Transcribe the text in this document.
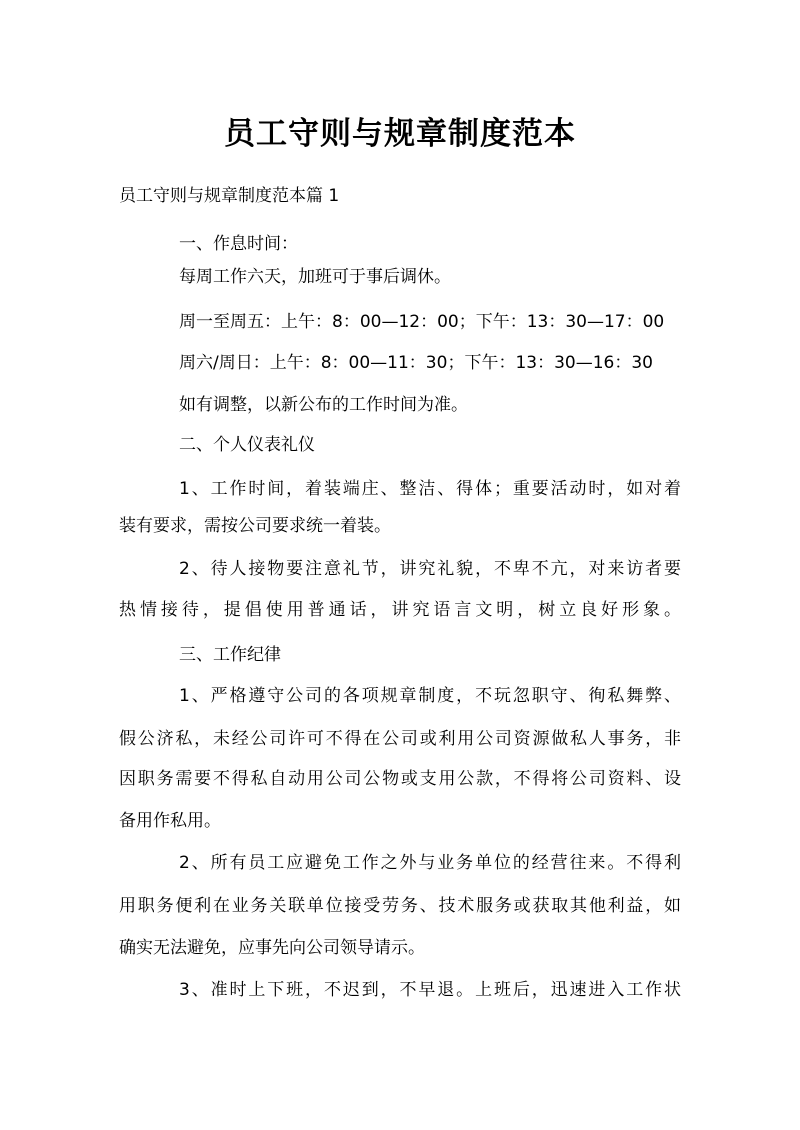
员工守则与规章制度范本
员工守则与规章制度范本篇 1
一、作息时间：
每周工作六天，加班可于事后调休。
周一至周五：上午：8：00—12：00；下午：13：30—17：00
周六/周日：上午：8：00—11：30；下午：13：30—16：30
如有调整，以新公布的工作时间为准。
二、个人仪表礼仪
1、工作时间，着装端庄、整洁、得体；重要活动时，如对着
装有要求，需按公司要求统一着装。
2、待人接物要注意礼节，讲究礼貌，不卑不亢，对来访者要
热情接待，提倡使用普通话，讲究语言文明，树立良好形象。
三、工作纪律
1、严格遵守公司的各项规章制度，不玩忽职守、徇私舞弊、
假公济私，未经公司许可不得在公司或利用公司资源做私人事务，非
因职务需要不得私自动用公司公物或支用公款，不得将公司资料、设
备用作私用。
2、所有员工应避免工作之外与业务单位的经营往来。不得利
用职务便利在业务关联单位接受劳务、技术服务或获取其他利益，如
确实无法避免，应事先向公司领导请示。
3、准时上下班，不迟到，不早退。上班后，迅速进入工作状
